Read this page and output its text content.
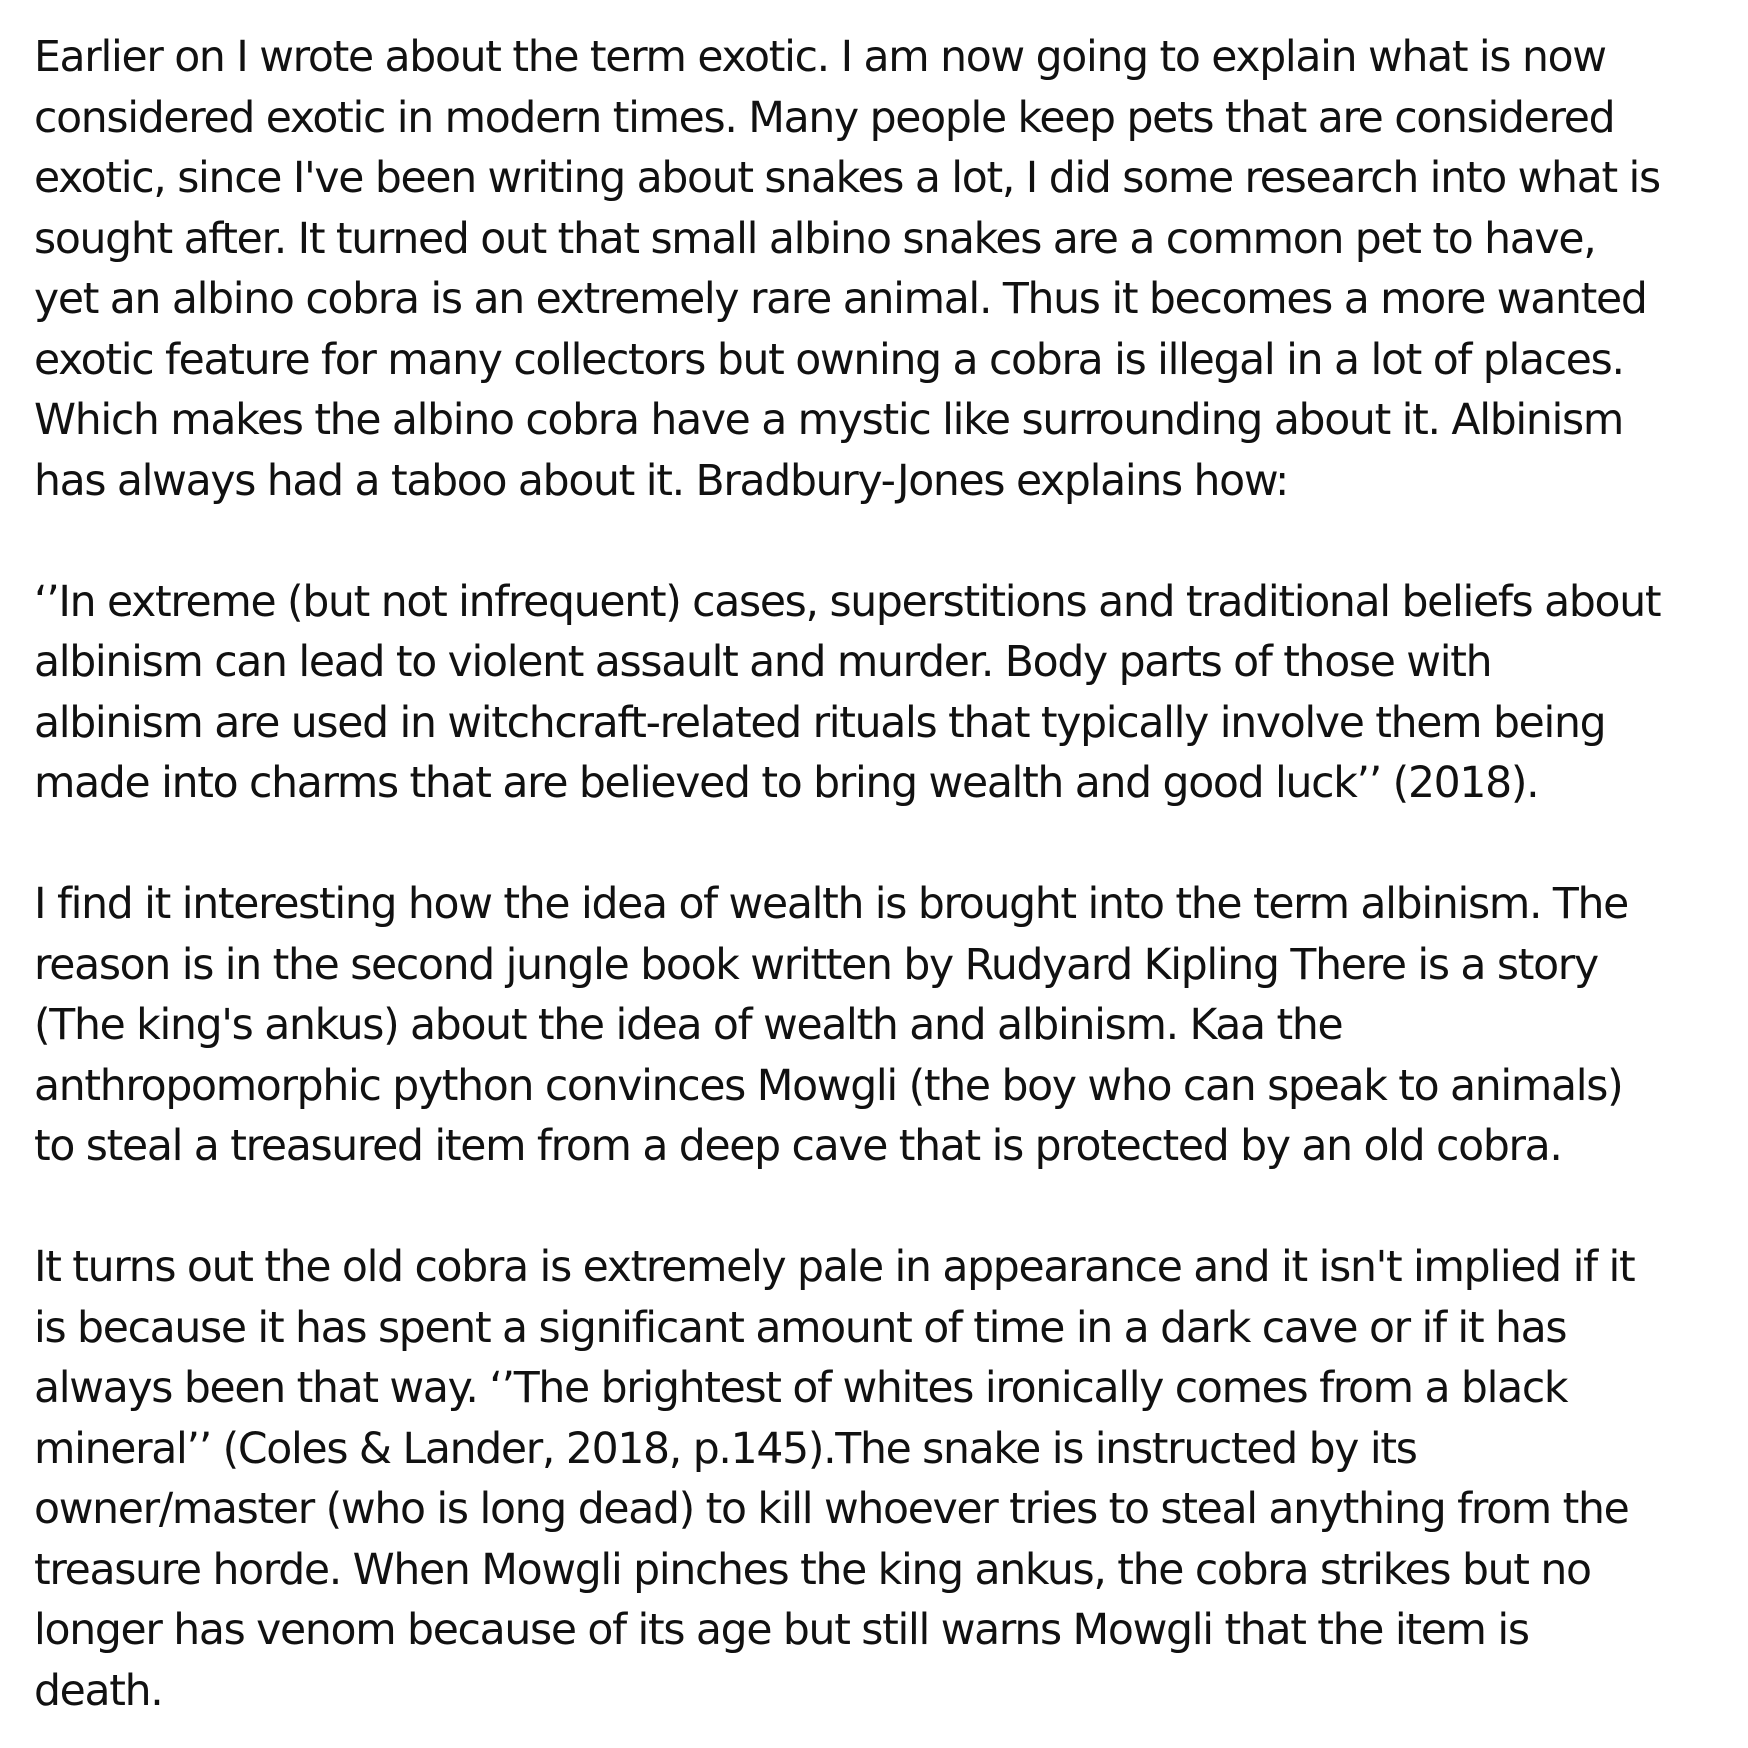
Earlier on I wrote about the term exotic. I am now going to explain what is now
considered exotic in modern times. Many people keep pets that are considered
exotic, since I've been writing about snakes a lot, I did some research into what is
sought after. It turned out that small albino snakes are a common pet to have,
yet an albino cobra is an extremely rare animal. Thus it becomes a more wanted
exotic feature for many collectors but owning a cobra is illegal in a lot of places.
Which makes the albino cobra have a mystic like surrounding about it. Albinism
has always had a taboo about it. Bradbury-Jones explains how:

‘’In extreme (but not infrequent) cases, superstitions and traditional beliefs about
albinism can lead to violent assault and murder. Body parts of those with
albinism are used in witchcraft-related rituals that typically involve them being
made into charms that are believed to bring wealth and good luck’’ (2018).

I find it interesting how the idea of wealth is brought into the term albinism. The
reason is in the second jungle book written by Rudyard Kipling There is a story
(The king's ankus) about the idea of wealth and albinism. Kaa the
anthropomorphic python convinces Mowgli (the boy who can speak to animals)
to steal a treasured item from a deep cave that is protected by an old cobra.

It turns out the old cobra is extremely pale in appearance and it isn't implied if it
is because it has spent a significant amount of time in a dark cave or if it has
always been that way. ‘’The brightest of whites ironically comes from a black
mineral’’ (Coles & Lander, 2018, p.145).The snake is instructed by its
owner/master (who is long dead) to kill whoever tries to steal anything from the
treasure horde. When Mowgli pinches the king ankus, the cobra strikes but no
longer has venom because of its age but still warns Mowgli that the item is
death.
